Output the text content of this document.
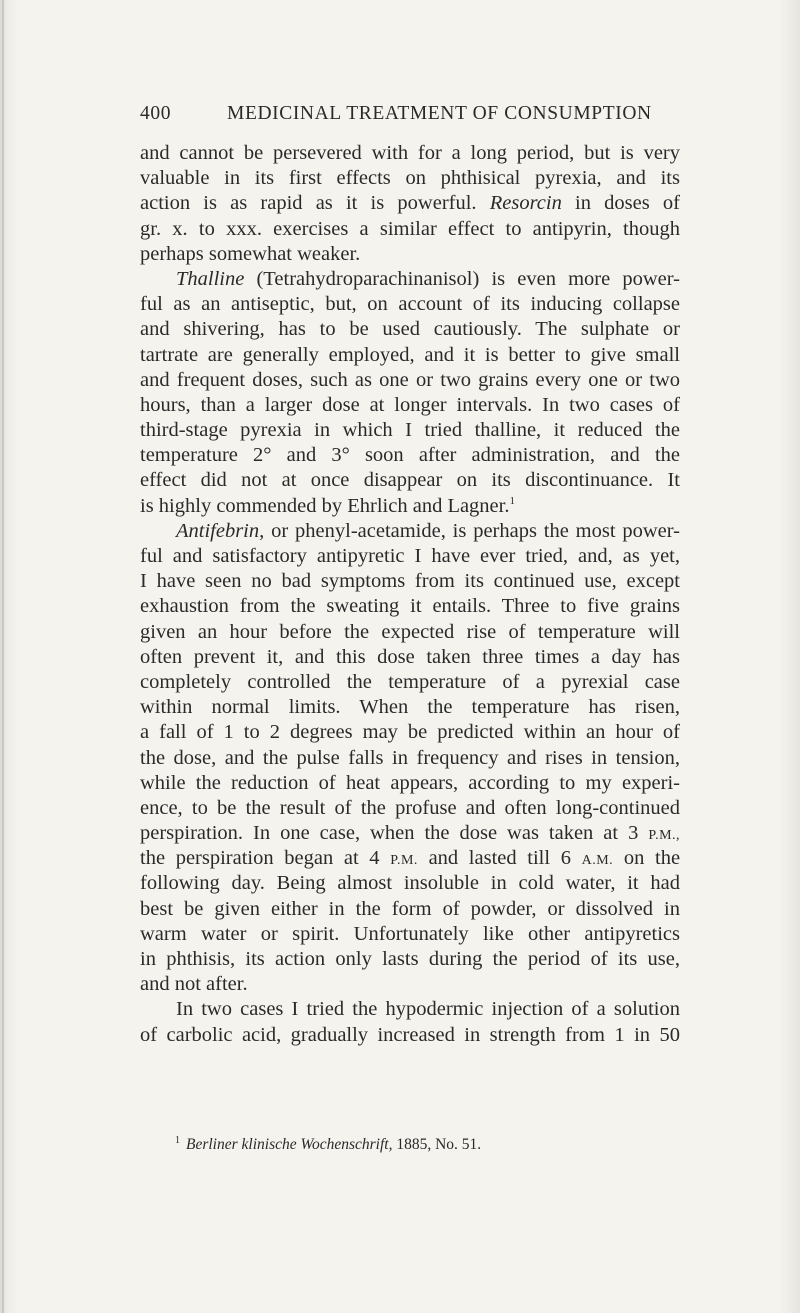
400	MEDICINAL TREATMENT OF CONSUMPTION
and cannot be persevered with for a long period, but is very
valuable in its first effects on phthisical pyrexia, and its
action is as rapid as it is powerful. Resorcin in doses of
gr. x. to xxx. exercises a similar effect to antipyrin, though
perhaps somewhat weaker.
Thalline (Tetrahydroparachinanisol) is even more power-
ful as an antiseptic, but, on account of its inducing collapse
and shivering, has to be used cautiously. The sulphate or
tartrate are generally employed, and it is better to give small
and frequent doses, such as one or two grains every one or two
hours, than a larger dose at longer intervals. In two cases of
third-stage pyrexia in which I tried thalline, it reduced the
temperature 2° and 3° soon after administration, and the
effect did not at once disappear on its discontinuance. It
is highly commended by Ehrlich and Lagner.$^1$
Antifebrin, or phenyl-acetamide, is perhaps the most power-
ful and satisfactory antipyretic I have ever tried, and, as yet,
I have seen no bad symptoms from its continued use, except
exhaustion from the sweating it entails. Three to five grains
given an hour before the expected rise of temperature will
often prevent it, and this dose taken three times a day has
completely controlled the temperature of a pyrexial case
within normal limits. When the temperature has risen,
a fall of 1 to 2 degrees may be predicted within an hour of
the dose, and the pulse falls in frequency and rises in tension,
while the reduction of heat appears, according to my experi-
ence, to be the result of the profuse and often long-continued
perspiration. In one case, when the dose was taken at 3 P.M.,
the perspiration began at 4 P.M. and lasted till 6 A.M. on the
following day. Being almost insoluble in cold water, it had
best be given either in the form of powder, or dissolved in
warm water or spirit. Unfortunately like other antipyretics
in phthisis, its action only lasts during the period of its use,
and not after.
In two cases I tried the hypodermic injection of a solution
of carbolic acid, gradually increased in strength from 1 in 50
$^1$ Berliner klinische Wochenschrift, 1885, No. 51.
